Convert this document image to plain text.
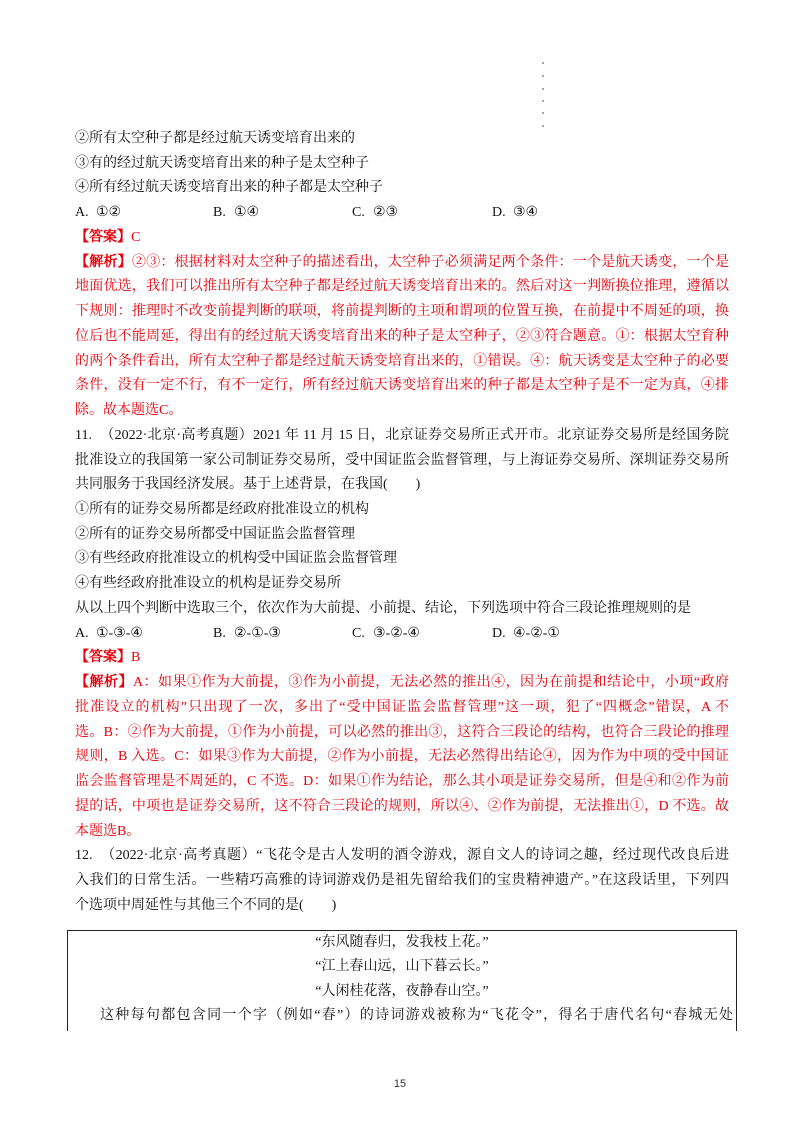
②所有太空种子都是经过航天诱变培育出来的
③有的经过航天诱变培育出来的种子是太空种子
④所有经过航天诱变培育出来的种子都是太空种子
A. ①②	B. ①④	C. ②③	D. ③④
【答案】C
【解析】②③：根据材料对太空种子的描述看出，太空种子必须满足两个条件：一个是航天诱变，一个是
地面优选，我们可以推出所有太空种子都是经过航天诱变培育出来的。然后对这一判断换位推理，遵循以
下规则：推理时不改变前提判断的联项，将前提判断的主项和谓项的位置互换，在前提中不周延的项，换
位后也不能周延，得出有的经过航天诱变培育出来的种子是太空种子，②③符合题意。①：根据太空育种
的两个条件看出，所有太空种子都是经过航天诱变培育出来的，①错误。④：航天诱变是太空种子的必要
条件，没有一定不行，有不一定行，所有经过航天诱变培育出来的种子都是太空种子是不一定为真，④排
除。故本题选C。
11. （2022·北京·高考真题）2021 年 11 月 15 日，北京证券交易所正式开市。北京证券交易所是经国务院
批准设立的我国第一家公司制证券交易所，受中国证监会监督管理，与上海证券交易所、深圳证券交易所
共同服务于我国经济发展。基于上述背景，在我国(　　)
①所有的证券交易所都是经政府批准设立的机构
②所有的证券交易所都受中国证监会监督管理
③有些经政府批准设立的机构受中国证监会监督管理
④有些经政府批准设立的机构是证券交易所
从以上四个判断中选取三个，依次作为大前提、小前提、结论，下列选项中符合三段论推理规则的是
A. ①-③-④	B. ②-①-③	C. ③-②-④	D. ④-②-①
【答案】B
【解析】A：如果①作为大前提，③作为小前提，无法必然的推出④，因为在前提和结论中，小项“政府
批准设立的机构”只出现了一次，多出了“受中国证监会监督管理”这一项，犯了“四概念”错误，A 不
选。B：②作为大前提，①作为小前提，可以必然的推出③，这符合三段论的结构，也符合三段论的推理
规则，B 入选。C：如果③作为大前提，②作为小前提，无法必然得出结论④，因为作为中项的受中国证
监会监督管理是不周延的，C 不选。D：如果①作为结论，那么其小项是证券交易所，但是④和②作为前
提的话，中项也是证券交易所，这不符合三段论的规则，所以④、②作为前提，无法推出①，D 不选。故
本题选B。
12. （2022·北京·高考真题）“飞花令是古人发明的酒令游戏，源自文人的诗词之趣，经过现代改良后进
入我们的日常生活。一些精巧高雅的诗词游戏仍是祖先留给我们的宝贵精神遗产。”在这段话里，下列四
个选项中周延性与其他三个不同的是(　　)
“东风随春归，发我枝上花。”
“江上春山远，山下暮云长。”
“人闲桂花落，夜静春山空。”
这种每句都包含同一个字（例如“春”）的诗词游戏被称为“飞花令”，得名于唐代名句“春城无处
15
